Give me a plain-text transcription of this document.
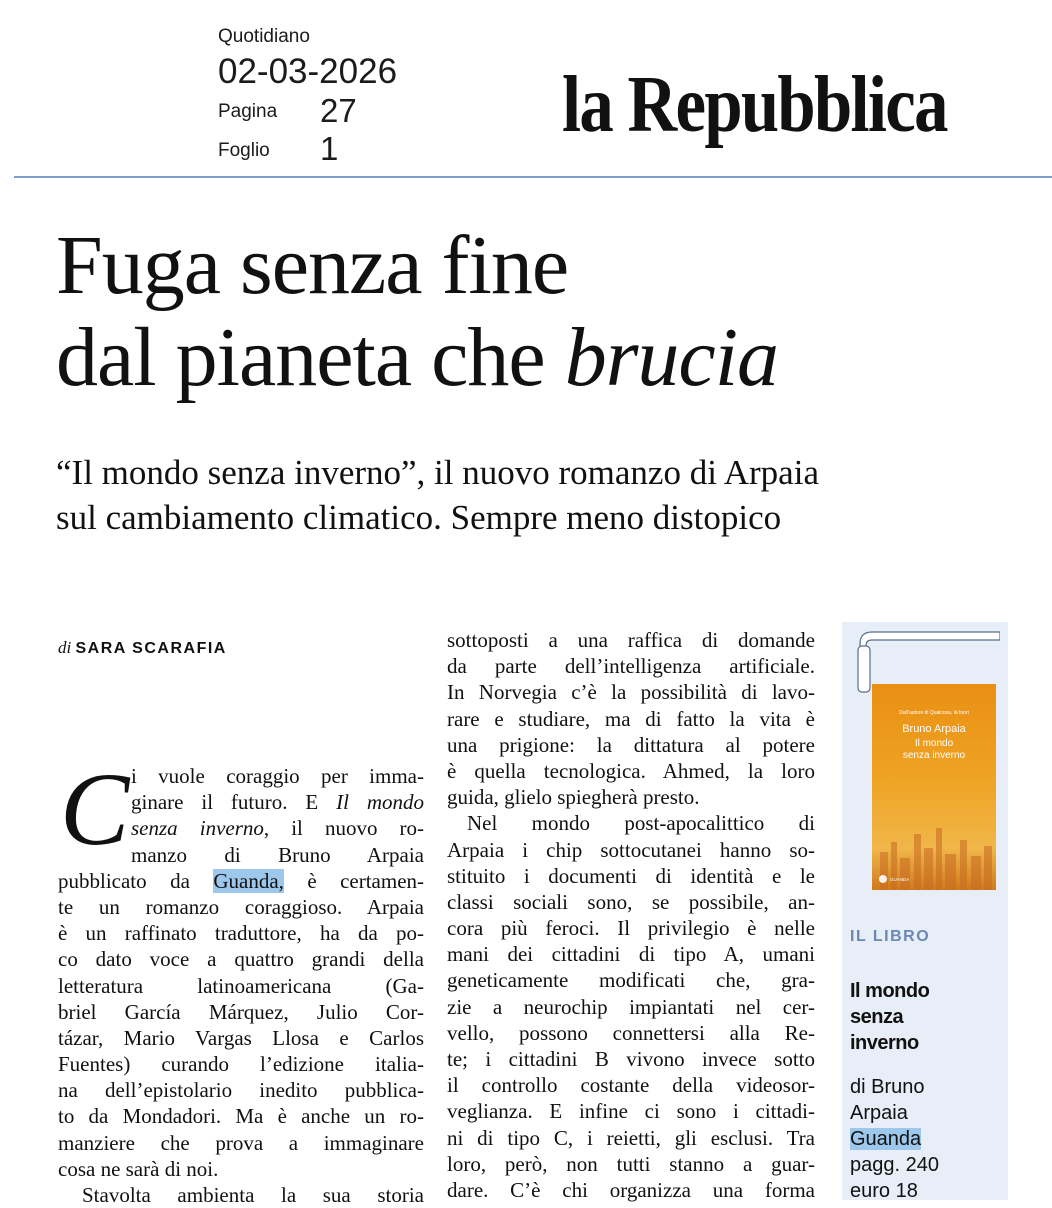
Quotidiano
02-03-2026
Pagina 27
Foglio 1	la Repubblica
Fuga senza fine
dal pianeta che brucia
“Il mondo senza inverno”, il nuovo romanzo di Arpaia
sul cambiamento climatico. Sempre meno distopico
di SARA SCARAFIA
C i vuole coraggio per imma-
ginare il futuro. E Il mondo
senza inverno, il nuovo ro-
manzo di Bruno Arpaia
pubblicato da Guanda, è certamen-
te un romanzo coraggioso. Arpaia
è un raffinato traduttore, ha da po-
co dato voce a quattro grandi della
letteratura latinoamericana (Ga-
briel García Márquez, Julio Cor-
tázar, Mario Vargas Llosa e Carlos
Fuentes) curando l’edizione italia-
na dell’epistolario inedito pubblica-
to da Mondadori. Ma è anche un ro-
manziere che prova a immaginare
cosa ne sarà di noi.
Stavolta ambienta la sua storia
sottoposti a una raffica di domande
da parte dell’intelligenza artificiale.
In Norvegia c’è la possibilità di lavo-
rare e studiare, ma di fatto la vita è
una prigione: la dittatura al potere
è quella tecnologica. Ahmed, la loro
guida, glielo spiegherà presto.
Nel mondo post-apocalittico di
Arpaia i chip sottocutanei hanno so-
stituito i documenti di identità e le
classi sociali sono, se possibile, an-
cora più feroci. Il privilegio è nelle
mani dei cittadini di tipo A, umani
geneticamente modificati che, gra-
zie a neurochip impiantati nel cer-
vello, possono connettersi alla Re-
te; i cittadini B vivono invece sotto
il controllo costante della videosor-
veglianza. E infine ci sono i cittadi-
ni di tipo C, i reietti, gli esclusi. Tra
loro, però, non tutti stanno a guar-
dare. C’è chi organizza una forma
Dall’autore di Qualcosa, là fuori
Bruno Arpaia
Il mondo
senza inverno
GUANDA
IL LIBRO
Il mondo
senza
inverno
di Bruno
Arpaia
Guanda
pagg. 240
euro 18
